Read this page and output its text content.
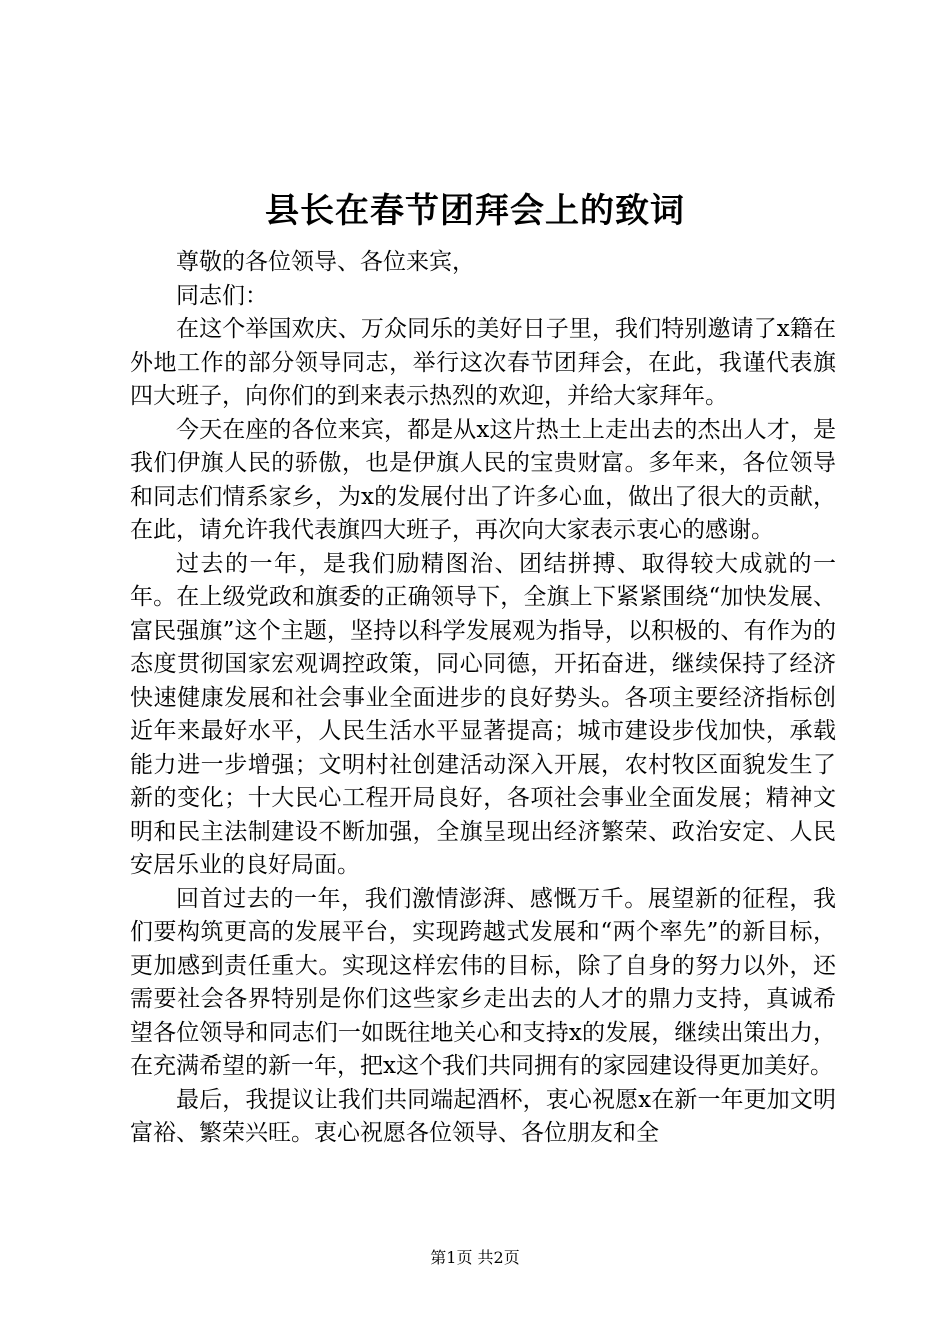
县长在春节团拜会上的致词

尊敬的各位领导、各位来宾，

同志们：

在这个举国欢庆、万众同乐的美好日子里，我们特别邀请了x籍在外地工作的部分领导同志，举行这次春节团拜会，在此，我谨代表旗四大班子，向你们的到来表示热烈的欢迎，并给大家拜年。

今天在座的各位来宾，都是从x这片热土上走出去的杰出人才，是我们伊旗人民的骄傲，也是伊旗人民的宝贵财富。多年来，各位领导和同志们情系家乡，为x的发展付出了许多心血，做出了很大的贡献，在此，请允许我代表旗四大班子，再次向大家表示衷心的感谢。

过去的一年，是我们励精图治、团结拼搏、取得较大成就的一年。在上级党政和旗委的正确领导下，全旗上下紧紧围绕“加快发展、富民强旗”这个主题，坚持以科学发展观为指导，以积极的、有作为的态度贯彻国家宏观调控政策，同心同德，开拓奋进，继续保持了经济快速健康发展和社会事业全面进步的良好势头。各项主要经济指标创近年来最好水平，人民生活水平显著提高；城市建设步伐加快，承载能力进一步增强；文明村社创建活动深入开展，农村牧区面貌发生了新的变化；十大民心工程开局良好，各项社会事业全面发展；精神文明和民主法制建设不断加强，全旗呈现出经济繁荣、政治安定、人民安居乐业的良好局面。

回首过去的一年，我们激情澎湃、感慨万千。展望新的征程，我们要构筑更高的发展平台，实现跨越式发展和“两个率先”的新目标，更加感到责任重大。实现这样宏伟的目标，除了自身的努力以外，还需要社会各界特别是你们这些家乡走出去的人才的鼎力支持，真诚希望各位领导和同志们一如既往地关心和支持x的发展，继续出策出力，在充满希望的新一年，把x这个我们共同拥有的家园建设得更加美好。

最后，我提议让我们共同端起酒杯，衷心祝愿x在新一年更加文明富裕、繁荣兴旺。衷心祝愿各位领导、各位朋友和全

第1页 共2页
